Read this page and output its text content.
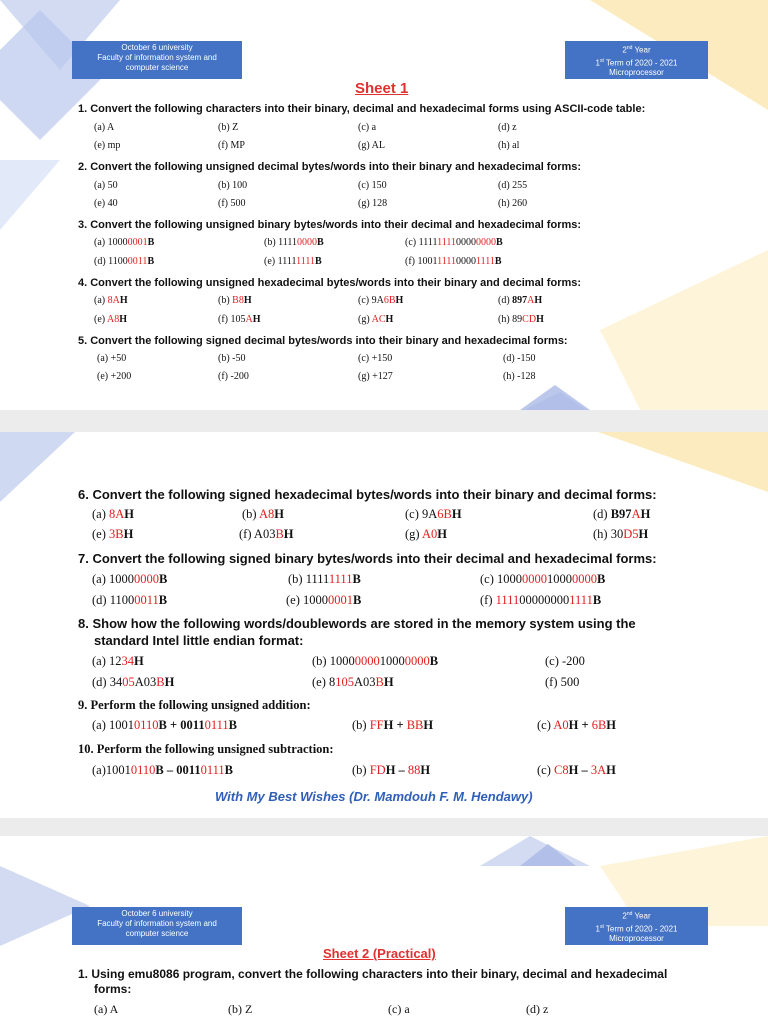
October 6 university
Faculty of information system and
computer science
2nd Year
1st Term of 2020 - 2021
Microprocessor
Sheet 1
1. Convert the following characters into their binary, decimal and hexadecimal forms using ASCII-code table:
(a) A	(b) Z	(c) a	(d) z
(e) mp	(f) MP	(g) AL	(h) al
2. Convert the following unsigned decimal bytes/words into their binary and hexadecimal forms:
(a) 50	(b) 100	(c) 150	(d) 255
(e) 40	(f) 500	(g) 128	(h) 260
3. Convert the following unsigned binary bytes/words into their decimal and hexadecimal forms:
(a) 10000001B	(b) 11110000B	(c) 1111111100000000B
(d) 11000011B	(e) 11111111B	(f) 1001111100001111B
4. Convert the following unsigned hexadecimal bytes/words into their binary and decimal forms:
(a) 8AH	(b) B8H	(c) 9A6BH	(d) 897AH
(e) A8H	(f) 105AH	(g) ACH	(h) 89CDH
5. Convert the following signed decimal bytes/words into their binary and hexadecimal forms:
(a) +50	(b) -50	(c) +150	(d) -150
(e) +200	(f) -200	(g) +127	(h) -128
6. Convert the following signed hexadecimal bytes/words into their binary and decimal forms:
(a) 8AH	(b) A8H	(c) 9A6BH	(d) B97AH
(e) 3BH	(f) A03BH	(g) A0H	(h) 30D5H
7. Convert the following signed binary bytes/words into their decimal and hexadecimal forms:
(a) 10000000B	(b) 11111111B	(c) 1000000010000000B
(d) 11000011B	(e) 10000001B	(f) 1111000000001111B
8. Show how the following words/doublewords are stored in the memory system using the
standard Intel little endian format:
(a) 1234H	(b) 1000000010000000B	(c) -200
(d) 3405A03BH	(e) 8105A03BH	(f) 500
9. Perform the following unsigned addition:
(a) 10010110B + 00110111B	(b) FFH + BBH	(c) A0H + 6BH
10. Perform the following unsigned subtraction:
(a)10010110B – 00110111B	(b) FDH – 88H	(c) C8H – 3AH
With My Best Wishes (Dr. Mamdouh F. M. Hendawy)
October 6 university
Faculty of information system and
computer science
2nd Year
1st Term of 2020 - 2021
Microprocessor
Sheet 2 (Practical)
1. Using emu8086 program, convert the following characters into their binary, decimal and hexadecimal
forms:
(a) A	(b) Z	(c) a	(d) z
